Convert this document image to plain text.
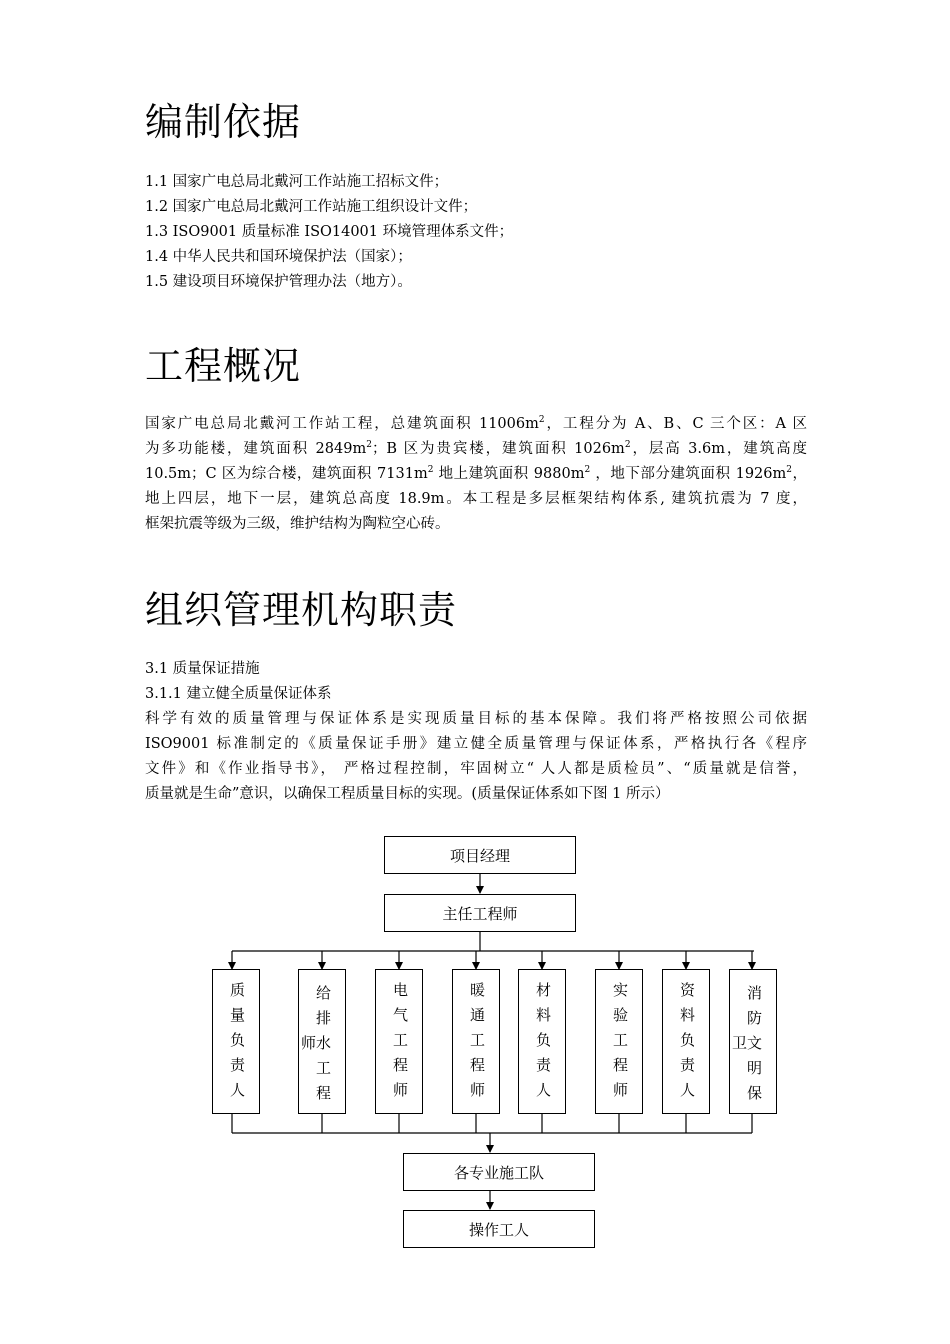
编制依据
1.1 国家广电总局北戴河工作站施工招标文件；
1.2 国家广电总局北戴河工作站施工组织设计文件；
1.3 ISO9001 质量标准 ISO14001 环境管理体系文件；
1.4 中华人民共和国环境保护法（国家）；
1.5 建设项目环境保护管理办法（地方）。
工程概况
国家广电总局北戴河工作站工程，总建筑面积 $11006m^2$，工程分为 A、B、C 三个区：A 区
为多功能楼，建筑面积 $2849m^2$；B 区为贵宾楼，建筑面积 $1026m^2$，层高 3.6m，建筑高度
10.5m；C 区为综合楼，建筑面积 $7131m^2$ 地上建筑面积 $9880m^2$ ，地下部分建筑面积 $1926m^2$，
地上四层，地下一层，建筑总高度 18.9m。本工程是多层框架结构体系, 建筑抗震为 7 度，
框架抗震等级为三级，维护结构为陶粒空心砖。
组织管理机构职责
3.1 质量保证措施
3.1.1 建立健全质量保证体系
科学有效的质量管理与保证体系是实现质量目标的基本保障。我们将严格按照公司依据
ISO9001 标准制定的《质量保证手册》建立健全质量管理与保证体系，严格执行各《程序
文件》和《作业指导书》， 严格过程控制，牢固树立“ 人人都是质检员”、“质量就是信誉，
质量就是生命”意识，以确保工程质量目标的实现。(质量保证体系如下图 1 所示）
项目经理
主任工程师
质量负责人	给排水工程师	电气工程师	暖通工程师	材料负责人	实验工程师	资料负责人	消防文明保卫
各专业施工队
操作工人
